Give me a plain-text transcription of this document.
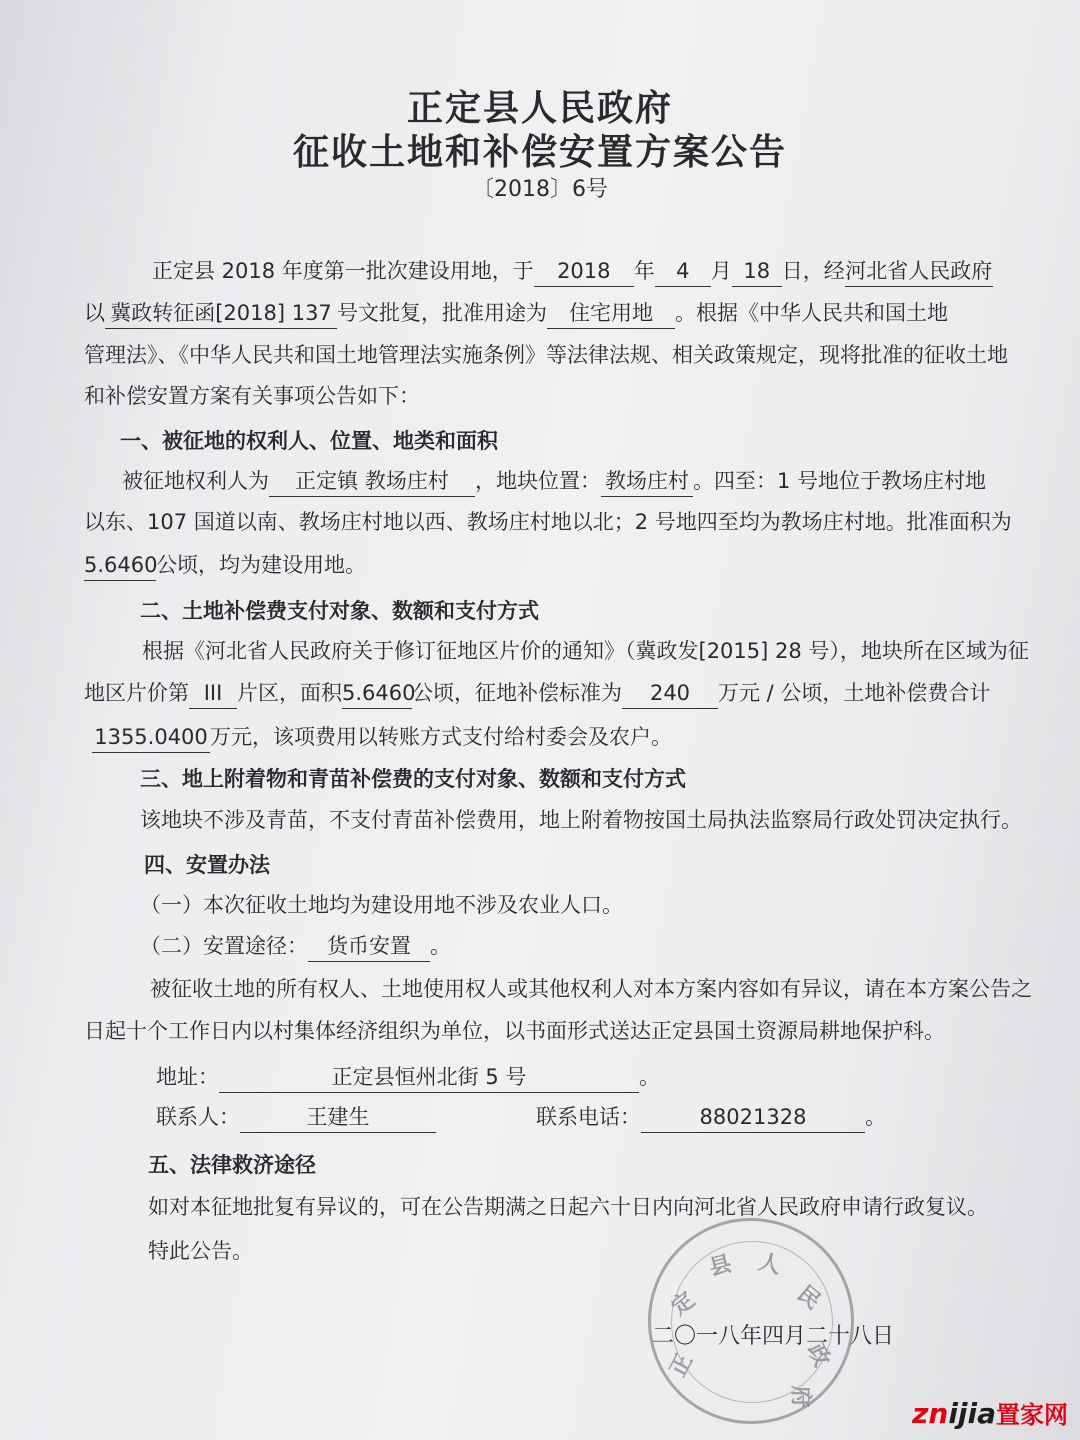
正定县人民政府
征收土地和补偿安置方案公告
〔2018〕6号
正定县 2018 年度第一批次建设用地，于 2018 年 4 月 18 日，经河北省人民政府
以 冀政转征函[2018] 137 号文批复，批准用途为 住宅用地 。根据《中华人民共和国土地
管理法》、《中华人民共和国土地管理法实施条例》等法律法规、相关政策规定，现将批准的征收土地
和补偿安置方案有关事项公告如下：
一、被征地的权利人、位置、地类和面积
被征地权利人为 正定镇 教场庄村 ，地块位置： 教场庄村 。四至：1 号地位于教场庄村地
以东、107 国道以南、教场庄村地以西、教场庄村地以北；2 号地四至均为教场庄村地。批准面积为
5.6460公顷，均为建设用地。
二、土地补偿费支付对象、数额和支付方式
根据《河北省人民政府关于修订征地区片价的通知》（冀政发[2015] 28 号），地块所在区域为征
地区片价第 III 片区，面积5.6460公顷，征地补偿标准为 240 万元 / 公顷，土地补偿费合计
1355.0400 万元，该项费用以转账方式支付给村委会及农户。
三、地上附着物和青苗补偿费的支付对象、数额和支付方式
该地块不涉及青苗，不支付青苗补偿费用，地上附着物按国土局执法监察局行政处罚决定执行。
四、安置办法
（一）本次征收土地均为建设用地不涉及农业人口。
（二）安置途径： 货币安置 。
被征收土地的所有权人、土地使用权人或其他权利人对本方案内容如有异议，请在本方案公告之
日起十个工作日内以村集体经济组织为单位，以书面形式送达正定县国土资源局耕地保护科。
地址：	正定县恒州北街 5 号	。
联系人：	王建生	联系电话：	88021328	。
五、法律救济途径
如对本征地批复有异议的，可在公告期满之日起六十日内向河北省人民政府申请行政复议。
特此公告。
正
定
县 人
民
政
府
二〇一八年四月二十八日
znijia置家网
